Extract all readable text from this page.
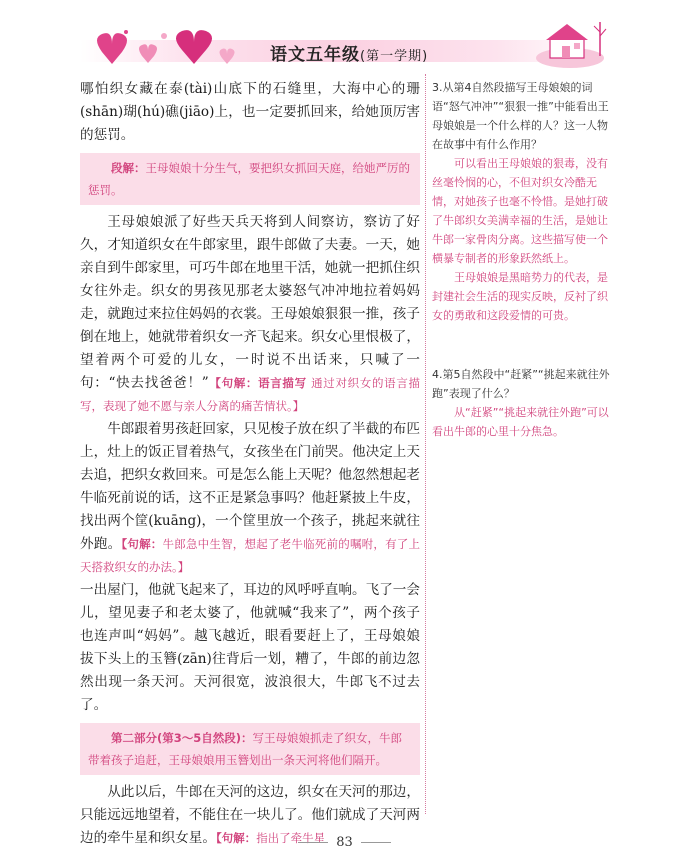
语文五年级(第一学期)

哪怕织女藏在泰(tài)山底下的石缝里，大海中心的珊(shān)瑚(hú)礁(jiāo)上，也一定要抓回来，给她顶厉害的惩罚。

段解：王母娘娘十分生气，要把织女抓回天庭，给她严厉的惩罚。

王母娘娘派了好些天兵天将到人间察访，察访了好久，才知道织女在牛郎家里，跟牛郎做了夫妻。一天，她亲自到牛郎家里，可巧牛郎在地里干活，她就一把抓住织女往外走。织女的男孩见那老太婆怒气冲冲地拉着妈妈走，就跑过来拉住妈妈的衣裳。王母娘娘狠狠一推，孩子倒在地上，她就带着织女一齐飞起来。织女心里恨极了，望着两个可爱的儿女，一时说不出话来，只喊了一句：“快去找爸爸！”【句解：语言描写 通过对织女的语言描写，表现了她不愿与亲人分离的痛苦情状。】

牛郎跟着男孩赶回家，只见梭子放在织了半截的布匹上，灶上的饭正冒着热气，女孩坐在门前哭。他决定上天去追，把织女救回来。可是怎么能上天呢？他忽然想起老牛临死前说的话，这不正是紧急事吗？他赶紧披上牛皮，找出两个筐(kuāng)，一个筐里放一个孩子，挑起来就往外跑。【句解：牛郎急中生智，想起了老牛临死前的嘱咐，有了上天搭救织女的办法。】

一出屋门，他就飞起来了，耳边的风呼呼直响。飞了一会儿，望见妻子和老太婆了，他就喊“我来了”，两个孩子也连声叫“妈妈”。越飞越近，眼看要赶上了，王母娘娘拔下头上的玉簪(zān)往背后一划，糟了，牛郎的前边忽然出现一条天河。天河很宽，波浪很大，牛郎飞不过去了。

第二部分(第3～5自然段)：写王母娘娘抓走了织女，牛郎带着孩子追赶，王母娘娘用玉簪划出一条天河将他们隔开。

从此以后，牛郎在天河的这边，织女在天河的那边，只能远远地望着，不能住在一块儿了。他们就成了天河两边的牵牛星和织女星。【句解：指出了牵牛星

3.从第4自然段描写王母娘娘的词语“怒气冲冲”“狠狠一推”中能看出王母娘娘是一个什么样的人？这一人物在故事中有什么作用？

可以看出王母娘娘的狠毒，没有丝毫怜悯的心，不但对织女冷酷无情，对她孩子也毫不怜惜。是她打破了牛郎织女美满幸福的生活，是她让牛郎一家骨肉分离。这些描写使一个横暴专制者的形象跃然纸上。

王母娘娘是黑暗势力的代表，是封建社会生活的现实反映，反衬了织女的勇敢和这段爱情的可贵。

4.第5自然段中“赶紧”“挑起来就往外跑”表现了什么？

从“赶紧”“挑起来就往外跑”可以看出牛郎的心里十分焦急。

83
